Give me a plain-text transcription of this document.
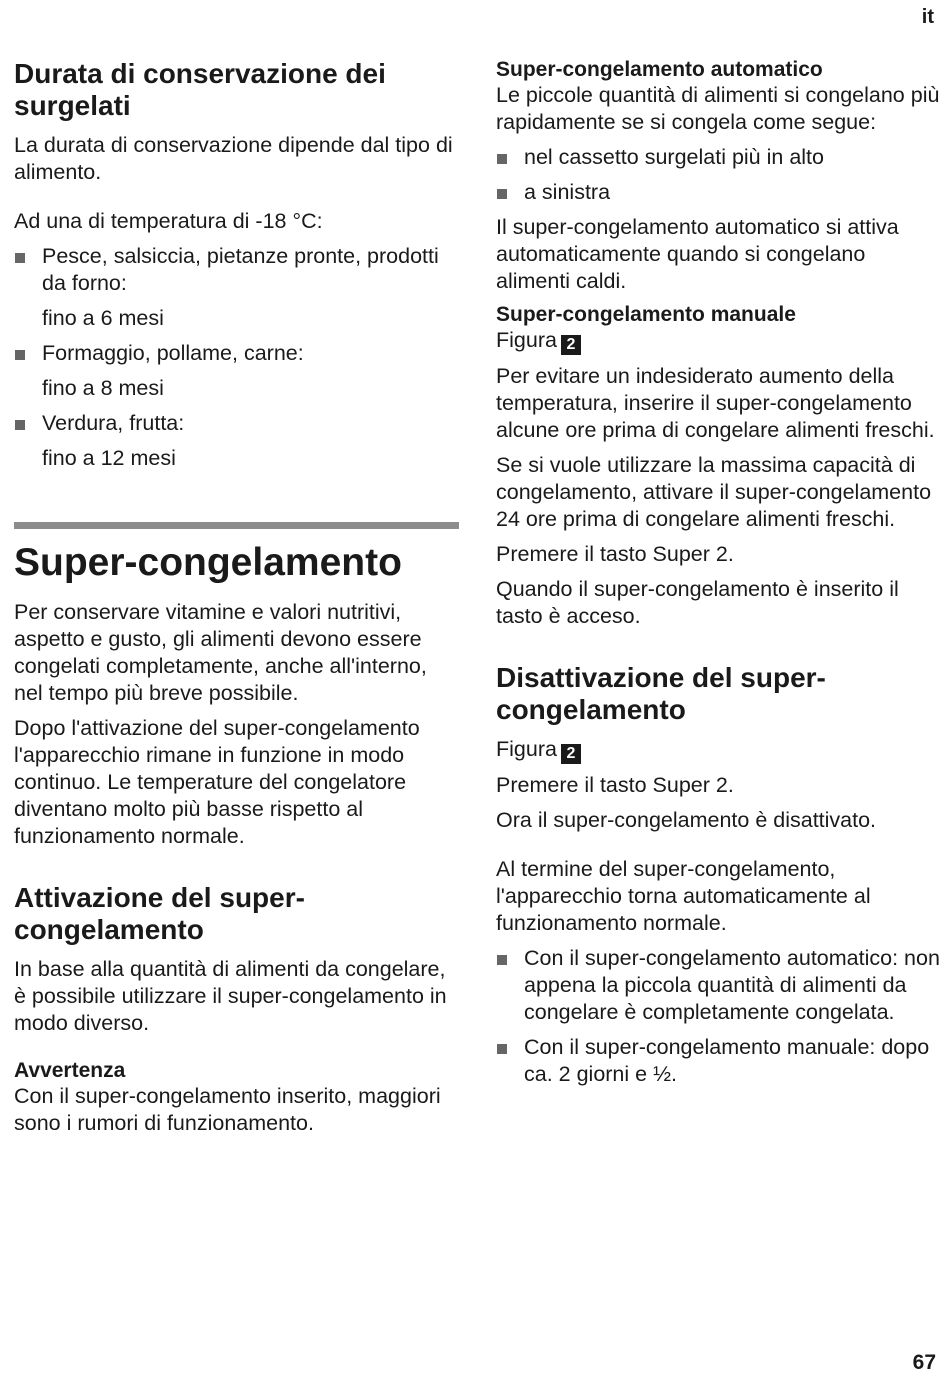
it
Durata di conservazione dei surgelati

La durata di conservazione dipende dal tipo di alimento.

Ad una di temperatura di -18 °C:

Pesce, salsiccia, pietanze pronte, prodotti da forno:

fino a 6 mesi

Formaggio, pollame, carne:

fino a 8 mesi

Verdura, frutta:

fino a 12 mesi

Super-congelamento

Per conservare vitamine e valori nutritivi, aspetto e gusto, gli alimenti devono essere congelati completamente, anche all'interno, nel tempo più breve possibile.

Dopo l'attivazione del super-congelamento l'apparecchio rimane in funzione in modo continuo. Le temperature del congelatore diventano molto più basse rispetto al funzionamento normale.

Attivazione del super-congelamento

In base alla quantità di alimenti da congelare, è possibile utilizzare il super-congelamento in modo diverso.

Avvertenza

Con il super-congelamento inserito, maggiori sono i rumori di funzionamento.

Super-congelamento automatico

Le piccole quantità di alimenti si congelano più rapidamente se si congela come segue:

nel cassetto surgelati più in alto
a sinistra

Il super-congelamento automatico si attiva automaticamente quando si congelano alimenti caldi.

Super-congelamento manuale

Figura 2

Per evitare un indesiderato aumento della temperatura, inserire il super-congelamento alcune ore prima di congelare alimenti freschi.

Se si vuole utilizzare la massima capacità di congelamento, attivare il super-congelamento 24 ore prima di congelare alimenti freschi.

Premere il tasto Super 2.

Quando il super-congelamento è inserito il tasto è acceso.

Disattivazione del super-congelamento

Figura 2

Premere il tasto Super 2.

Ora il super-congelamento è disattivato.

Al termine del super-congelamento, l'apparecchio torna automaticamente al funzionamento normale.

Con il super-congelamento automatico: non appena la piccola quantità di alimenti da congelare è completamente congelata.
Con il super-congelamento manuale: dopo ca. 2 giorni e ½.
67
